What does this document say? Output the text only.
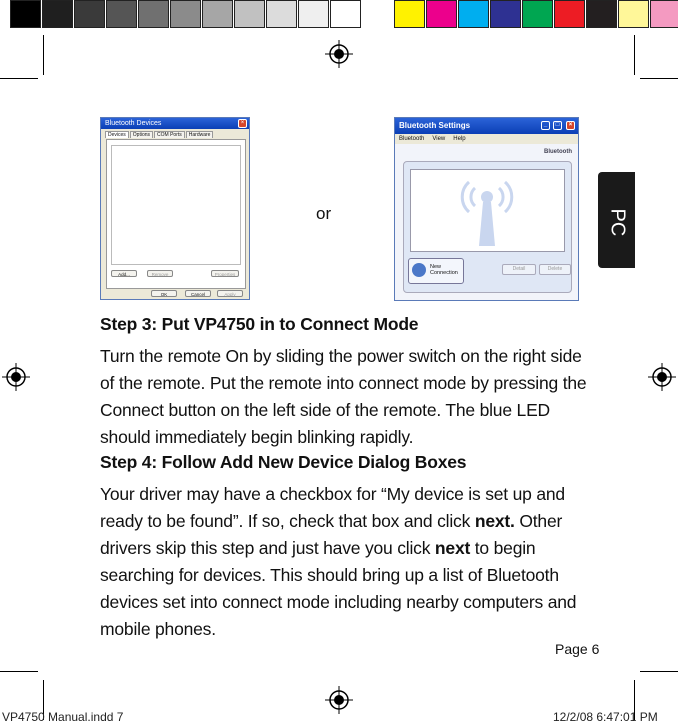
PC
Bluetooth Devices	×
Devices	Options	COM Ports	Hardware
Add...	Remove	Properties
OK	Cancel	Apply
or
Bluetooth Settings	_	□	×
Bluetooth View Help
Bluetooth
New Connection
Detail	Delete
Step 3: Put VP4750 in to Connect Mode
Turn the remote On by sliding the power switch on the right side of the remote. Put the remote into connect mode by pressing the Connect button on the left side of the remote. The blue LED should immediately begin blinking rapidly.
Step 4: Follow Add New Device Dialog Boxes
Your driver may have a checkbox for “My device is set up and ready to be found”. If so, check that box and click next. Other drivers skip this step and just have you click next to begin searching for devices. This should bring up a list of Bluetooth devices set into connect mode including nearby computers and mobile phones.
Page 6
VP4750 Manual.indd 7	12/2/08 6:47:01 PM
